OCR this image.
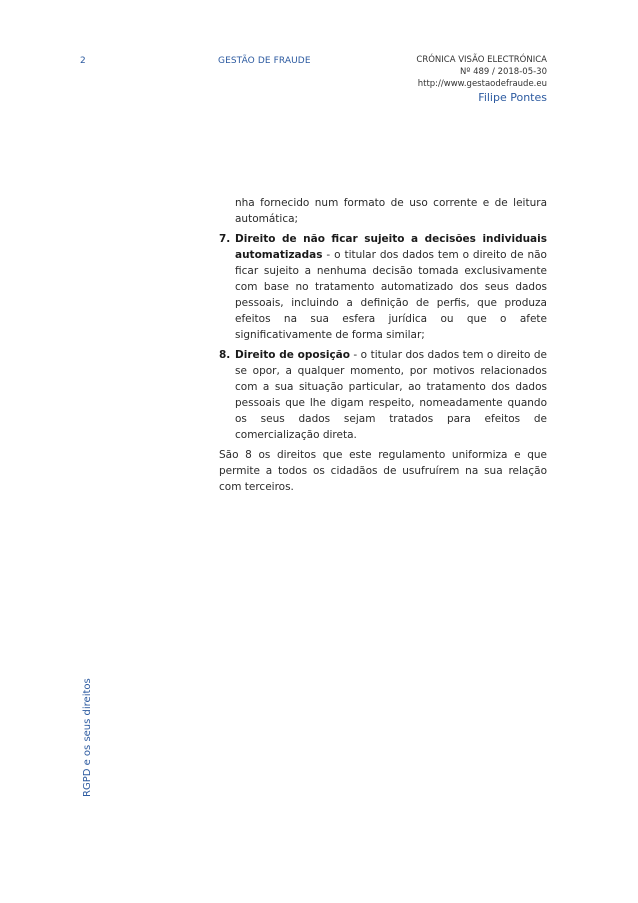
2	GESTÃO DE FRAUDE	CRÓNICA VISÃO ELECTRÓNICA
Nº 489 / 2018-05-30
http://www.gestaodefraude.eu
Filipe Pontes

nha fornecido num formato de uso corrente e de leitura automática;

7. Direito de não ficar sujeito a decisões individuais automatizadas - o titular dos dados tem o direito de não ficar sujeito a nenhuma decisão tomada exclusivamente com base no tratamento automatizado dos seus dados pessoais, incluindo a definição de perfis, que produza efeitos na sua esfera jurídica ou que o afete significativamente de forma similar;

8. Direito de oposição - o titular dos dados tem o direito de se opor, a qualquer momento, por motivos relacionados com a sua situação particular, ao tratamento dos dados pessoais que lhe digam respeito, nomeadamente quando os seus dados sejam tratados para efeitos de comercialização direta.

São 8 os direitos que este regulamento uniformiza e que permite a todos os cidadãos de usufruírem na sua relação com terceiros.

RGPD e os seus direitos
